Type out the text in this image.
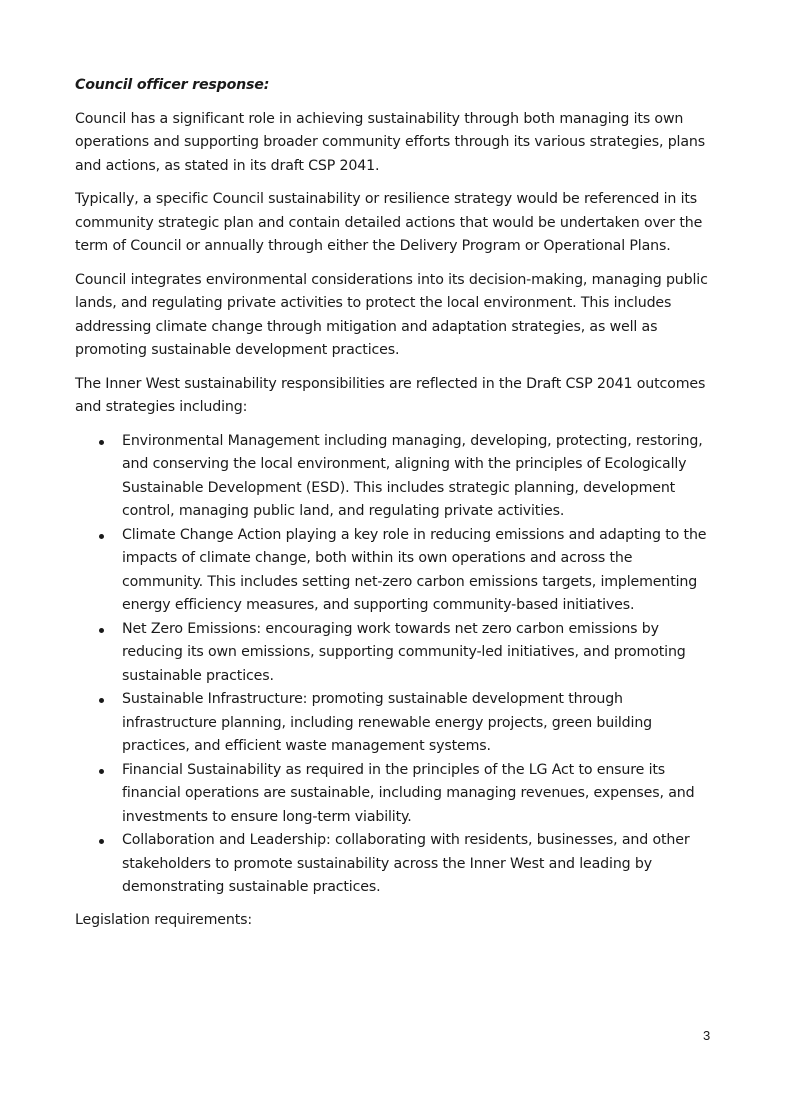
Council officer response:

Council has a significant role in achieving sustainability through both managing its own operations and supporting broader community efforts through its various strategies, plans and actions, as stated in its draft CSP 2041.

Typically, a specific Council sustainability or resilience strategy would be referenced in its community strategic plan and contain detailed actions that would be undertaken over the term of Council or annually through either the Delivery Program or Operational Plans.

Council integrates environmental considerations into its decision-making, managing public lands, and regulating private activities to protect the local environment. This includes addressing climate change through mitigation and adaptation strategies, as well as promoting sustainable development practices.

The Inner West sustainability responsibilities are reflected in the Draft CSP 2041 outcomes and strategies including:

Environmental Management including managing, developing, protecting, restoring, and conserving the local environment, aligning with the principles of Ecologically Sustainable Development (ESD). This includes strategic planning, development control, managing public land, and regulating private activities.
Climate Change Action playing a key role in reducing emissions and adapting to the impacts of climate change, both within its own operations and across the community. This includes setting net-zero carbon emissions targets, implementing energy efficiency measures, and supporting community-based initiatives.
Net Zero Emissions: encouraging work towards net zero carbon emissions by reducing its own emissions, supporting community-led initiatives, and promoting sustainable practices.
Sustainable Infrastructure: promoting sustainable development through infrastructure planning, including renewable energy projects, green building practices, and efficient waste management systems.
Financial Sustainability as required in the principles of the LG Act to ensure its financial operations are sustainable, including managing revenues, expenses, and investments to ensure long-term viability.
Collaboration and Leadership: collaborating with residents, businesses, and other stakeholders to promote sustainability across the Inner West and leading by demonstrating sustainable practices.

Legislation requirements:

3
